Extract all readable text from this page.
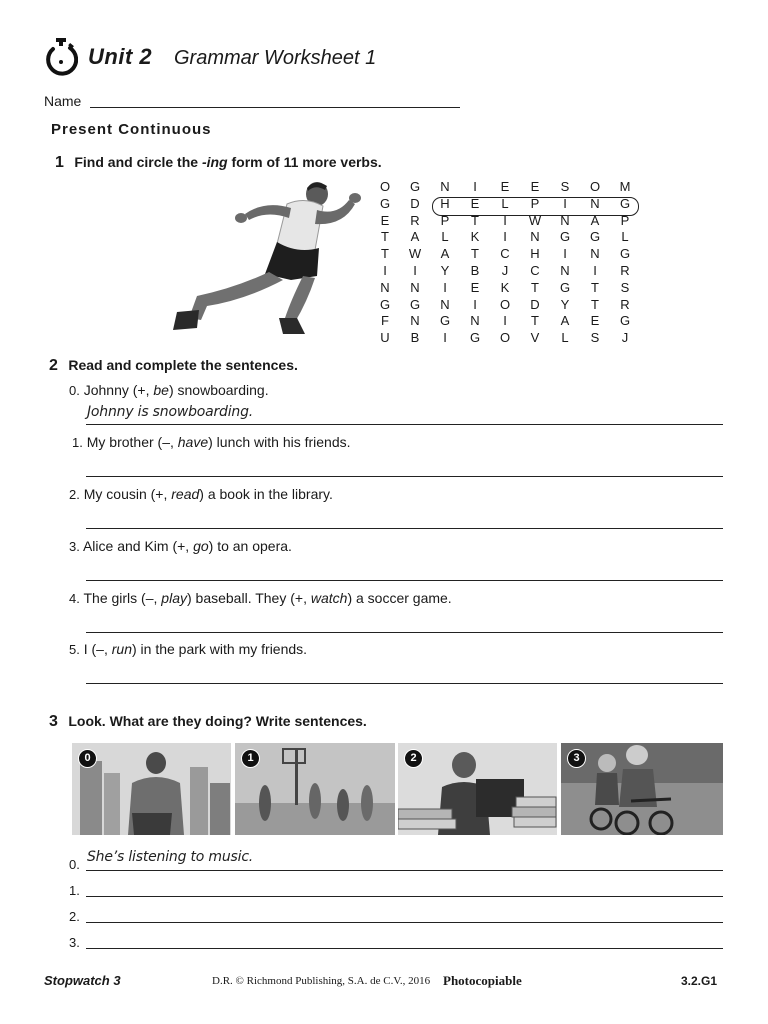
Unit 2 Grammar Worksheet 1
Name
Present Continuous
1 Find and circle the -ing form of 11 more verbs.
O	G	N	I	E	E	S	O	M
G	D	H	E	L	P	I	N	G
E	R	P	T	I	W	N	A	P
T	A	L	K	I	N	G	G	L
T	W	A	T	C	H	I	N	G
I	I	Y	B	J	C	N	I	R
N	N	I	E	K	T	G	T	S
G	G	N	I	O	D	Y	T	R
F	N	G	N	I	T	A	E	G
U	B	I	G	O	V	L	S	J
2 Read and complete the sentences.
0. Johnny (+, be) snowboarding.
Johnny is snowboarding.
1. My brother (–, have) lunch with his friends.
2. My cousin (+, read) a book in the library.
3. Alice and Kim (+, go) to an opera.
4. The girls (–, play) baseball. They (+, watch) a soccer game.
5. I (–, run) in the park with my friends.
3 Look. What are they doing? Write sentences.
0	1	2	3
0. She’s listening to music.
1.
2.
3.
Stopwatch 3	D.R. © Richmond Publishing, S.A. de C.V., 2016 Photocopiable	3.2.G1
